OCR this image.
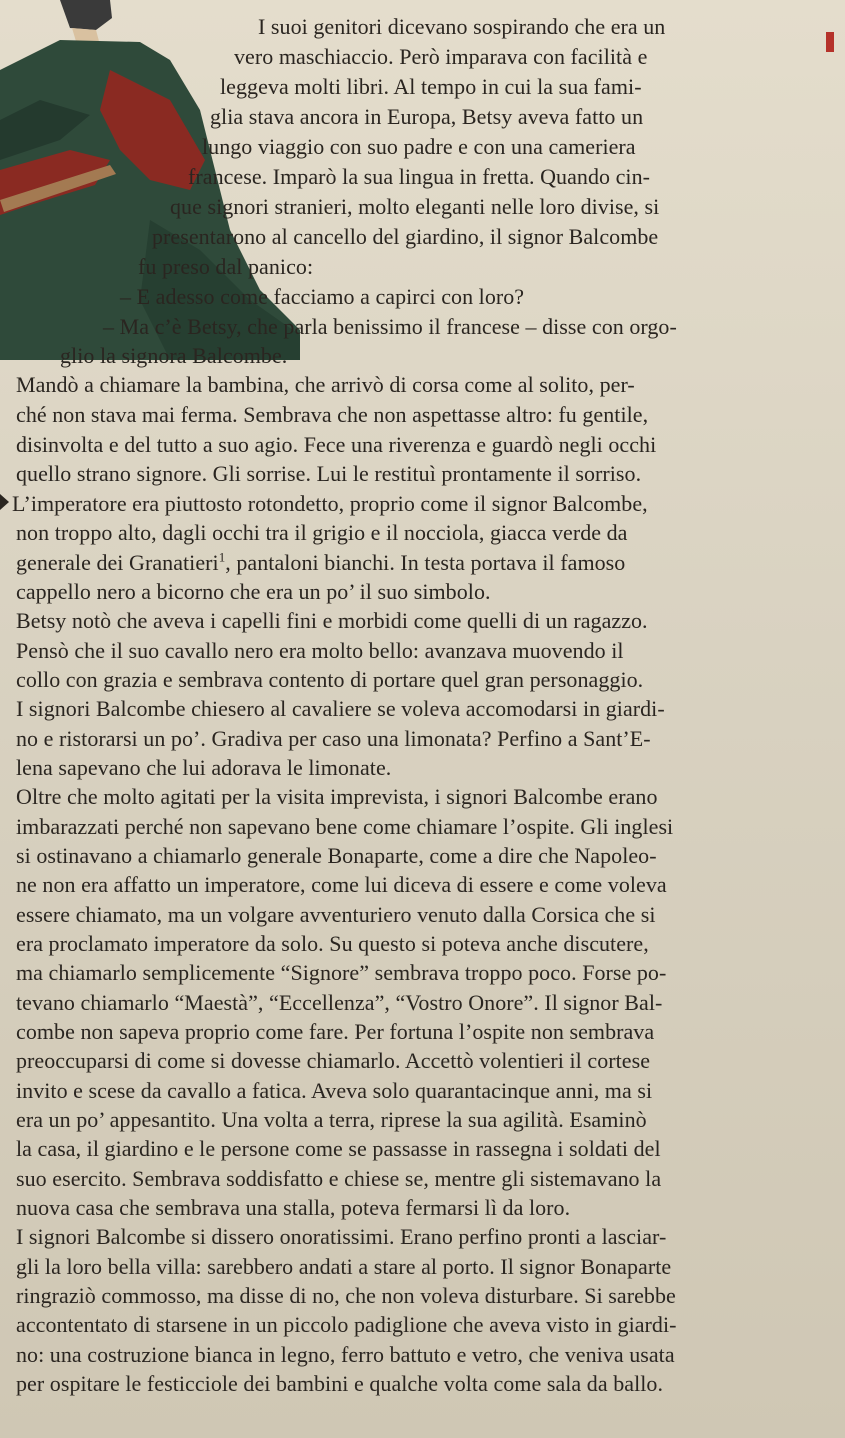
I suoi genitori dicevano sospirando che era un
vero maschiaccio. Però imparava con facilità e
leggeva molti libri. Al tempo in cui la sua fami-
glia stava ancora in Europa, Betsy aveva fatto un
lungo viaggio con suo padre e con una cameriera
francese. Imparò la sua lingua in fretta. Quando cin-
que signori stranieri, molto eleganti nelle loro divise, si
presentarono al cancello del giardino, il signor Balcombe
fu preso dal panico:
– E adesso come facciamo a capirci con loro?
– Ma c’è Betsy, che parla benissimo il francese – disse con orgo-
glio la signora Balcombe.
Mandò a chiamare la bambina, che arrivò di corsa come al solito, per-
ché non stava mai ferma. Sembrava che non aspettasse altro: fu gentile,
disinvolta e del tutto a suo agio. Fece una riverenza e guardò negli occhi
quello strano signore. Gli sorrise. Lui le restituì prontamente il sorriso.
L’imperatore era piuttosto rotondetto, proprio come il signor Balcombe,
non troppo alto, dagli occhi tra il grigio e il nocciola, giacca verde da
generale dei Granatieri$^1$, pantaloni bianchi. In testa portava il famoso
cappello nero a bicorno che era un po’ il suo simbolo.
Betsy notò che aveva i capelli fini e morbidi come quelli di un ragazzo.
Pensò che il suo cavallo nero era molto bello: avanzava muovendo il
collo con grazia e sembrava contento di portare quel gran personaggio.
I signori Balcombe chiesero al cavaliere se voleva accomodarsi in giardi-
no e ristorarsi un po’. Gradiva per caso una limonata? Perfino a Sant’E-
lena sapevano che lui adorava le limonate.
Oltre che molto agitati per la visita imprevista, i signori Balcombe erano
imbarazzati perché non sapevano bene come chiamare l’ospite. Gli inglesi
si ostinavano a chiamarlo generale Bonaparte, come a dire che Napoleo-
ne non era affatto un imperatore, come lui diceva di essere e come voleva
essere chiamato, ma un volgare avventuriero venuto dalla Corsica che si
era proclamato imperatore da solo. Su questo si poteva anche discutere,
ma chiamarlo semplicemente “Signore” sembrava troppo poco. Forse po-
tevano chiamarlo “Maestà”, “Eccellenza”, “Vostro Onore”. Il signor Bal-
combe non sapeva proprio come fare. Per fortuna l’ospite non sembrava
preoccuparsi di come si dovesse chiamarlo. Accettò volentieri il cortese
invito e scese da cavallo a fatica. Aveva solo quarantacinque anni, ma si
era un po’ appesantito. Una volta a terra, riprese la sua agilità. Esaminò
la casa, il giardino e le persone come se passasse in rassegna i soldati del
suo esercito. Sembrava soddisfatto e chiese se, mentre gli sistemavano la
nuova casa che sembrava una stalla, poteva fermarsi lì da loro.
I signori Balcombe si dissero onoratissimi. Erano perfino pronti a lasciar-
gli la loro bella villa: sarebbero andati a stare al porto. Il signor Bonaparte
ringraziò commosso, ma disse di no, che non voleva disturbare. Si sarebbe
accontentato di starsene in un piccolo padiglione che aveva visto in giardi-
no: una costruzione bianca in legno, ferro battuto e vetro, che veniva usata
per ospitare le festicciole dei bambini e qualche volta come sala da ballo.
